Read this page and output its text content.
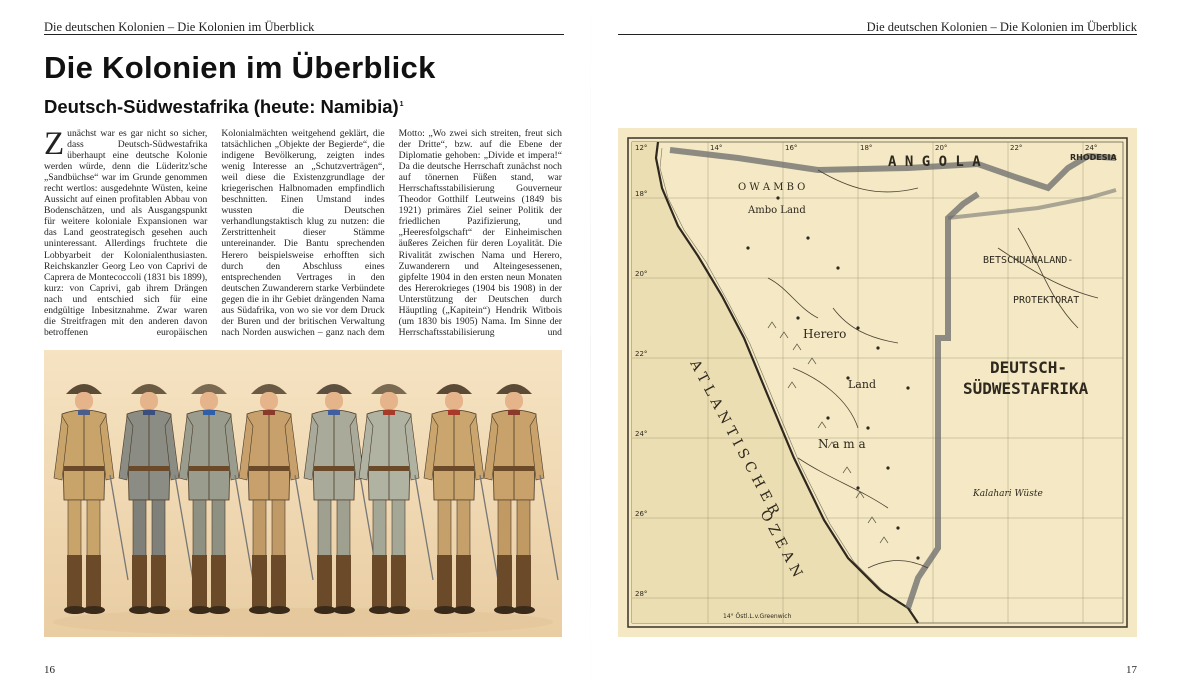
Die deutschen Kolonien – Die Kolonien im Überblick	Die deutschen Kolonien – Die Kolonien im Überblick
Die Kolonien im Überblick
Deutsch-Südwestafrika (heute: Namibia)$^1$

Zunächst war es gar nicht so sicher, dass Deutsch-Südwestafrika überhaupt eine deutsche Kolonie werden würde, denn die Lüderitz'sche „Sandbüchse“ war im Grunde genommen recht wertlos: ausgedehnte Wüsten, keine Aussicht auf einen profitablen Abbau von Bodenschätzen, und als Ausgangspunkt für weitere koloniale Expansionen war das Land geostrategisch gesehen auch uninteressant. Allerdings fruchtete die Lobbyarbeit der Kolonialenthusiasten. Reichskanzler Georg Leo von Caprivi de Caprera de Montecoccoli (1831 bis 1899), kurz: von Caprivi, gab ihrem Drängen nach und entschied sich für eine endgültige Inbesitznahme. Zwar waren die Streitfragen mit den anderen davon betroffenen europäischen Kolonialmächten weitgehend geklärt, die tatsächlichen „Objekte der Begierde“, die indigene Bevölkerung, zeigten indes wenig Interesse an „Schutzverträgen“, weil diese die Existenzgrundlage der kriegerischen Halbnomaden empfindlich beschnitten. Einen Umstand indes wussten die Deutschen verhandlungstaktisch klug zu nutzen: die Zerstrittenheit dieser Stämme untereinander. Die Bantu sprechenden Herero beispielsweise erhofften sich durch den Abschluss eines entsprechenden Vertrages in den deutschen Zuwanderern starke Verbündete gegen die in ihr Gebiet drängenden Nama aus Südafrika, von wo sie vor dem Druck der Buren und der britischen Verwaltung nach Norden auswichen – ganz nach dem Motto: „Wo zwei sich streiten, freut sich der Dritte“, bzw. auf die Ebene der Diplomatie gehoben: „Divide et impera!“ Da die deutsche Herrschaft zunächst noch auf tönernen Füßen stand, war Herrschaftsstabilisierung Gouverneur Theodor Gotthilf Leutweins (1849 bis 1921) primäres Ziel seiner Politik der friedlichen Pazifizierung, und „Heeresfolgschaft“ der Einheimischen äußeres Zeichen für deren Loyalität. Die Rivalität zwischen Nama und Herero, Zuwanderern und Alteingesessenen, gipfelte 1904 in den ersten neun Monaten des Hererokrieges (1904 bis 1908) in der Unterstützung der Deutschen durch Häuptling („Kapitein“) Hendrik Witbois (um 1830 bis 1905) Nama. Im Sinne der Herrschaftsstabilisierung und

A N G O L A	RHODESIA
O W A M B O
Ambo Land
BETSCHUANALAND-
PROTEKTORAT
DEUTSCH-
SÜDWESTAFRIKA
Herero
Land
N a m a
Kalahari Wüste
ATLANTISCHER
OZEAN
14° Östl.L.v.Greenwich
18°
20°
22°
24°
26°
28°
12°	14°	16°	18°	20°	22°	24°
16	17
